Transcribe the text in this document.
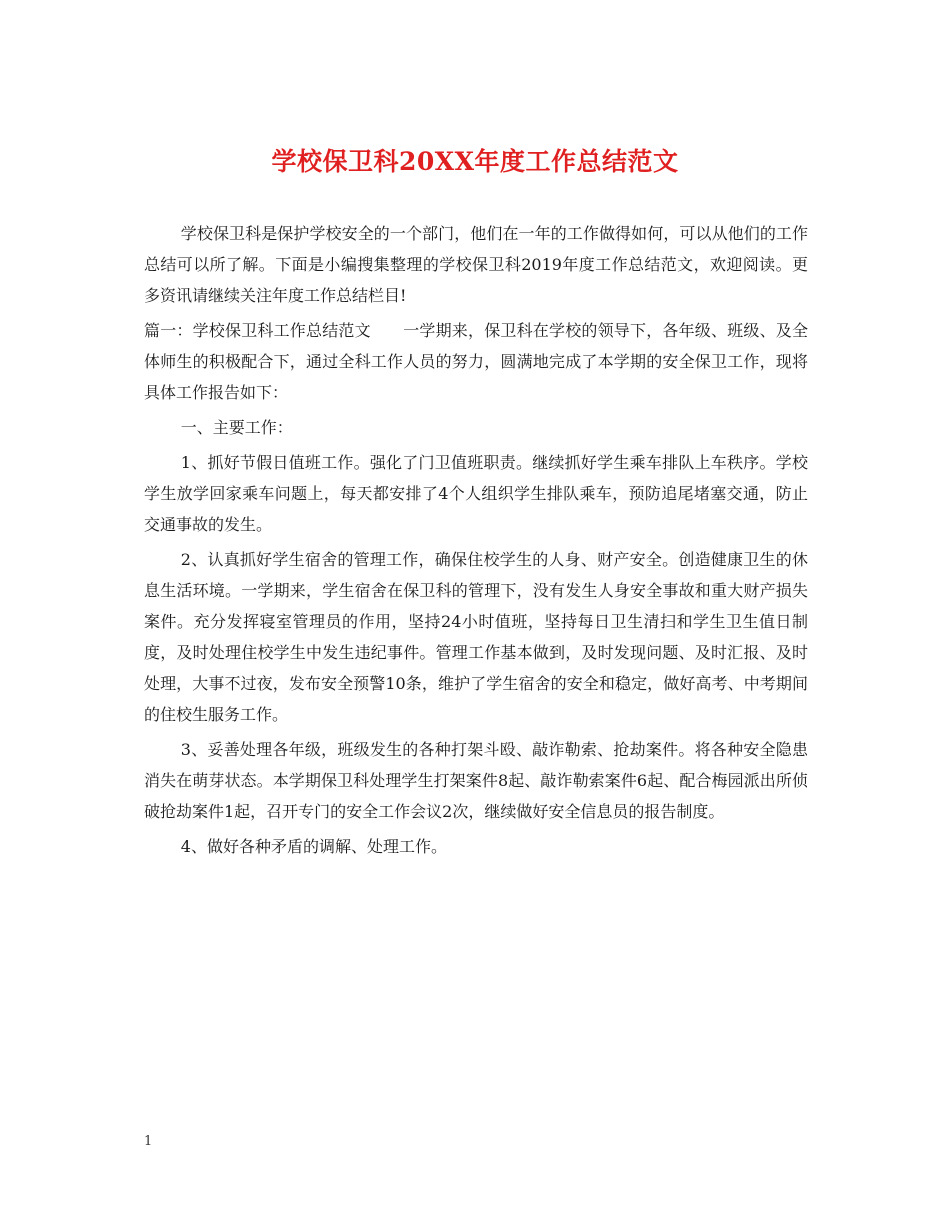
学校保卫科20XX年度工作总结范文

学校保卫科是保护学校安全的一个部门，他们在一年的工作做得如何，可以从他们的工作总结可以所了解。下面是小编搜集整理的学校保卫科2019年度工作总结范文，欢迎阅读。更多资讯请继续关注年度工作总结栏目!

篇一：学校保卫科工作总结范文　　一学期来，保卫科在学校的领导下，各年级、班级、及全体师生的积极配合下，通过全科工作人员的努力，圆满地完成了本学期的安全保卫工作，现将具体工作报告如下：

一、主要工作：

1、抓好节假日值班工作。强化了门卫值班职责。继续抓好学生乘车排队上车秩序。学校学生放学回家乘车问题上，每天都安排了4个人组织学生排队乘车，预防追尾堵塞交通，防止交通事故的发生。

2、认真抓好学生宿舍的管理工作，确保住校学生的人身、财产安全。创造健康卫生的休息生活环境。一学期来，学生宿舍在保卫科的管理下，没有发生人身安全事故和重大财产损失案件。充分发挥寝室管理员的作用，坚持24小时值班，坚持每日卫生清扫和学生卫生值日制度，及时处理住校学生中发生违纪事件。管理工作基本做到，及时发现问题、及时汇报、及时处理，大事不过夜，发布安全预警10条，维护了学生宿舍的安全和稳定，做好高考、中考期间的住校生服务工作。

3、妥善处理各年级，班级发生的各种打架斗殴、敲诈勒索、抢劫案件。将各种安全隐患消失在萌芽状态。本学期保卫科处理学生打架案件8起、敲诈勒索案件6起、配合梅园派出所侦破抢劫案件1起，召开专门的安全工作会议2次，继续做好安全信息员的报告制度。

4、做好各种矛盾的调解、处理工作。

1
